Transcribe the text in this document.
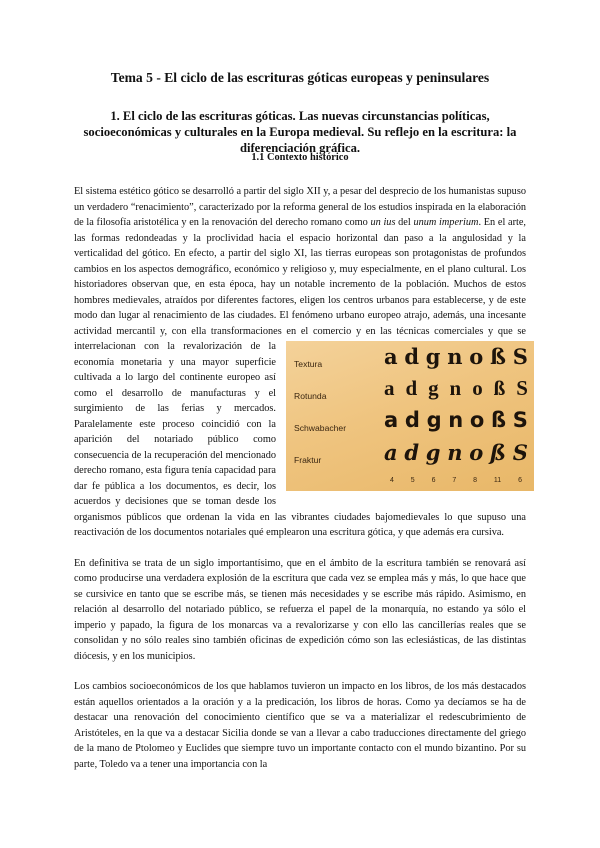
Tema 5 - El ciclo de las escrituras góticas europeas y peninsulares
1. El ciclo de las escrituras góticas. Las nuevas circunstancias políticas, socioeconómicas y culturales en la Europa medieval. Su reflejo en la escritura: la diferenciación gráfica.
1.1 Contexto histórico

El sistema estético gótico se desarrolló a partir del siglo XII y, a pesar del desprecio de los humanistas supuso un verdadero “renacimiento”, caracterizado por la reforma general de los estudios inspirada en la elaboración de la filosofía aristotélica y en la renovación del derecho romano como un ius del unum imperium. En el arte, las formas redondeadas y la proclividad hacia el espacio horizontal dan paso a la angulosidad y la verticalidad del gótico. En efecto, a partir del siglo XI, las tierras europeas son protagonistas de profundos cambios en los aspectos demográfico, económico y religioso y, muy especialmente, en el plano cultural. Los historiadores observan que, en esta época, hay un notable incremento de la población. Muchos de estos hombres medievales, atraídos por diferentes factores, eligen los centros urbanos para establecerse, y de este modo dan lugar al renacimiento de las ciudades. El fenómeno urbano europeo atrajo, además, una incesante actividad mercantil y, con ella transformaciones en el comercio y en las técnicas comerciales y que se interrelacionan con la
Textura	a d g n o ß S
Rotunda	a d g n o ß S
Schwabacher a d g n o ß S
Fraktur	a d g n o ß S
4 5 6 7 8 11 6
revalorización de la economía monetaria y una mayor superficie cultivada a lo largo del continente europeo así como el desarrollo de manufacturas y el surgimiento de las ferias y mercados. Paralelamente este proceso coincidió con la aparición del notariado público como consecuencia de la recuperación del mencionado derecho romano, esta figura tenía capacidad para dar fe pública a los documentos, es decir, los acuerdos y decisiones que se toman desde los organismos públicos que ordenan la vida en las vibrantes ciudades bajomedievales lo que supuso una reactivación de los documentos notariales qué emplearon una escritura gótica, y que además era cursiva.

En definitiva se trata de un siglo importantísimo, que en el ámbito de la escritura también se renovará así como producirse una verdadera explosión de la escritura que cada vez se emplea más y más, lo que hace que se cursivice en tanto que se escribe más, se tienen más necesidades y se escribe más rápido. Asimismo, en relación al desarrollo del notariado público, se refuerza el papel de la monarquía, no estando ya sólo el imperio y papado, la figura de los monarcas va a revalorizarse y con ello las cancillerías reales que se consolidan y no sólo reales sino también oficinas de expedición cómo son las eclesiásticas, de las distintas diócesis, y en los municipios.

Los cambios socioeconómicos de los que hablamos tuvieron un impacto en los libros, de los más destacados están aquellos orientados a la oración y a la predicación, los libros de horas. Como ya decíamos se ha de destacar una renovación del conocimiento científico que se va a materializar el redescubrimiento de Aristóteles, en la que va a destacar Sicilia donde se van a llevar a cabo traducciones directamente del griego de la mano de Ptolomeo y Euclides que siempre tuvo un importante contacto con el mundo bizantino. Por su parte, Toledo va a tener una importancia con la
